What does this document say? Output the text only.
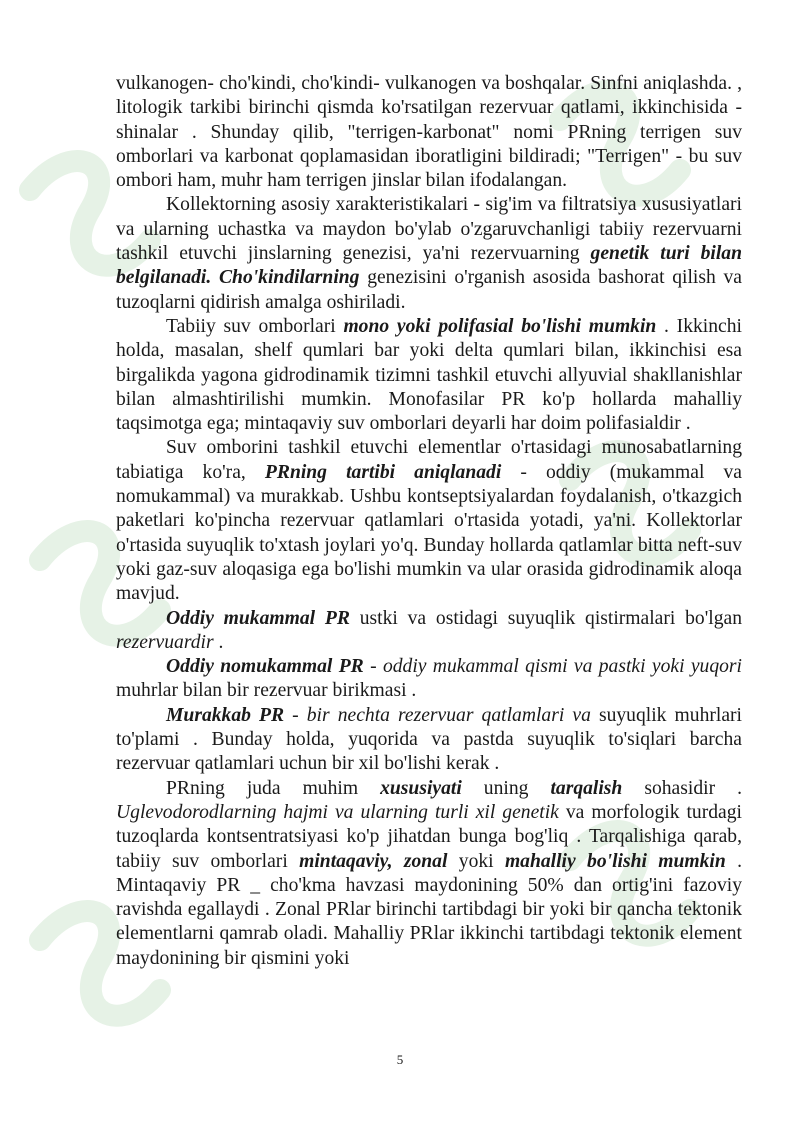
vulkanogen- cho'kindi, cho'kindi- vulkanogen va boshqalar. Sinfni aniqlashda. , litologik tarkibi birinchi qismda ko'rsatilgan rezervuar qatlami, ikkinchisida - shinalar . Shunday qilib, "terrigen-karbonat" nomi PRning terrigen suv omborlari va karbonat qoplamasidan iboratligini bildiradi; "Terrigen" - bu suv ombori ham, muhr ham terrigen jinslar bilan ifodalangan.

Kollektorning asosiy xarakteristikalari - sig'im va filtratsiya xususiyatlari va ularning uchastka va maydon bo'ylab o'zgaruvchanligi tabiiy rezervuarni tashkil etuvchi jinslarning genezisi, ya'ni rezervuarning genetik turi bilan belgilanadi. Cho'kindilarning genezisini o'rganish asosida bashorat qilish va tuzoqlarni qidirish amalga oshiriladi.

Tabiiy suv omborlari mono yoki polifasial bo'lishi mumkin . Ikkinchi holda, masalan, shelf qumlari bar yoki delta qumlari bilan, ikkinchisi esa birgalikda yagona gidrodinamik tizimni tashkil etuvchi allyuvial shakllanishlar bilan almashtirilishi mumkin. Monofasilar PR ko'p hollarda mahalliy taqsimotga ega; mintaqaviy suv omborlari deyarli har doim polifasialdir .

Suv omborini tashkil etuvchi elementlar o'rtasidagi munosabatlarning tabiatiga ko'ra, PRning tartibi aniqlanadi - oddiy (mukammal va nomukammal) va murakkab. Ushbu kontseptsiyalardan foydalanish, o'tkazgich paketlari ko'pincha rezervuar qatlamlari o'rtasida yotadi, ya'ni. Kollektorlar o'rtasida suyuqlik to'xtash joylari yo'q. Bunday hollarda qatlamlar bitta neft-suv yoki gaz-suv aloqasiga ega bo'lishi mumkin va ular orasida gidrodinamik aloqa mavjud.

Oddiy mukammal PR ustki va ostidagi suyuqlik qistirmalari bo'lgan rezervuardir .

Oddiy nomukammal PR - oddiy mukammal qismi va pastki yoki yuqori muhrlar bilan bir rezervuar birikmasi .

Murakkab PR - bir nechta rezervuar qatlamlari va suyuqlik muhrlari to'plami . Bunday holda, yuqorida va pastda suyuqlik to'siqlari barcha rezervuar qatlamlari uchun bir xil bo'lishi kerak .

PRning juda muhim xususiyati uning tarqalish sohasidir . Uglevodorodlarning hajmi va ularning turli xil genetik va morfologik turdagi tuzoqlarda kontsentratsiyasi ko'p jihatdan bunga bog'liq . Tarqalishiga qarab, tabiiy suv omborlari mintaqaviy, zonal yoki mahalliy bo'lishi mumkin . Mintaqaviy PR _ cho'kma havzasi maydonining 50% dan ortig'ini fazoviy ravishda egallaydi . Zonal PRlar birinchi tartibdagi bir yoki bir qancha tektonik elementlarni qamrab oladi. Mahalliy PRlar ikkinchi tartibdagi tektonik element maydonining bir qismini yoki

5
